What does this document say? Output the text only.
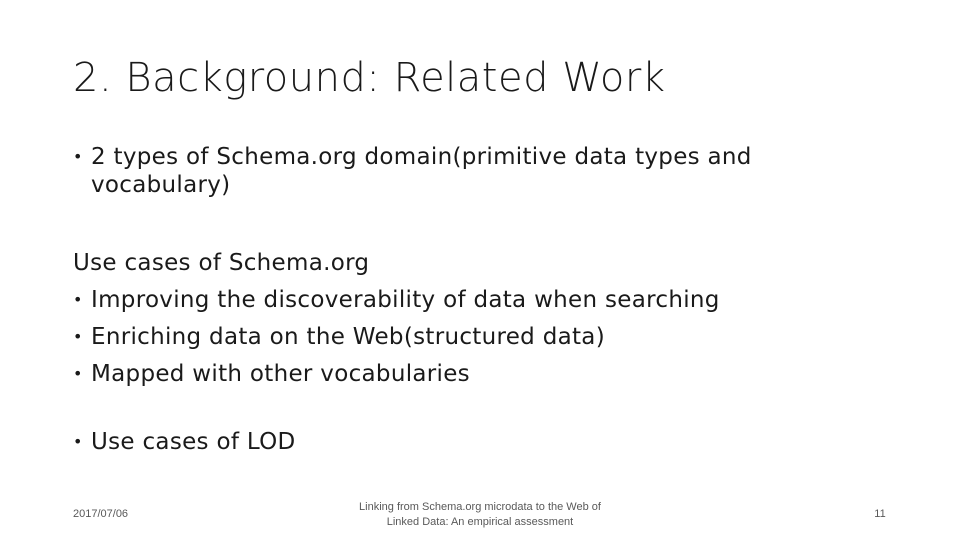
2. Background: Related Work
• 2 types of Schema.org domain(primitive data types and
vocabulary)
Use cases of Schema.org
• Improving the discoverability of data when searching
• Enriching data on the Web(structured data)
• Mapped with other vocabularies
• Use cases of LOD
2017/07/06
Linking from Schema.org microdata to the Web of
Linked Data: An empirical assessment
11
